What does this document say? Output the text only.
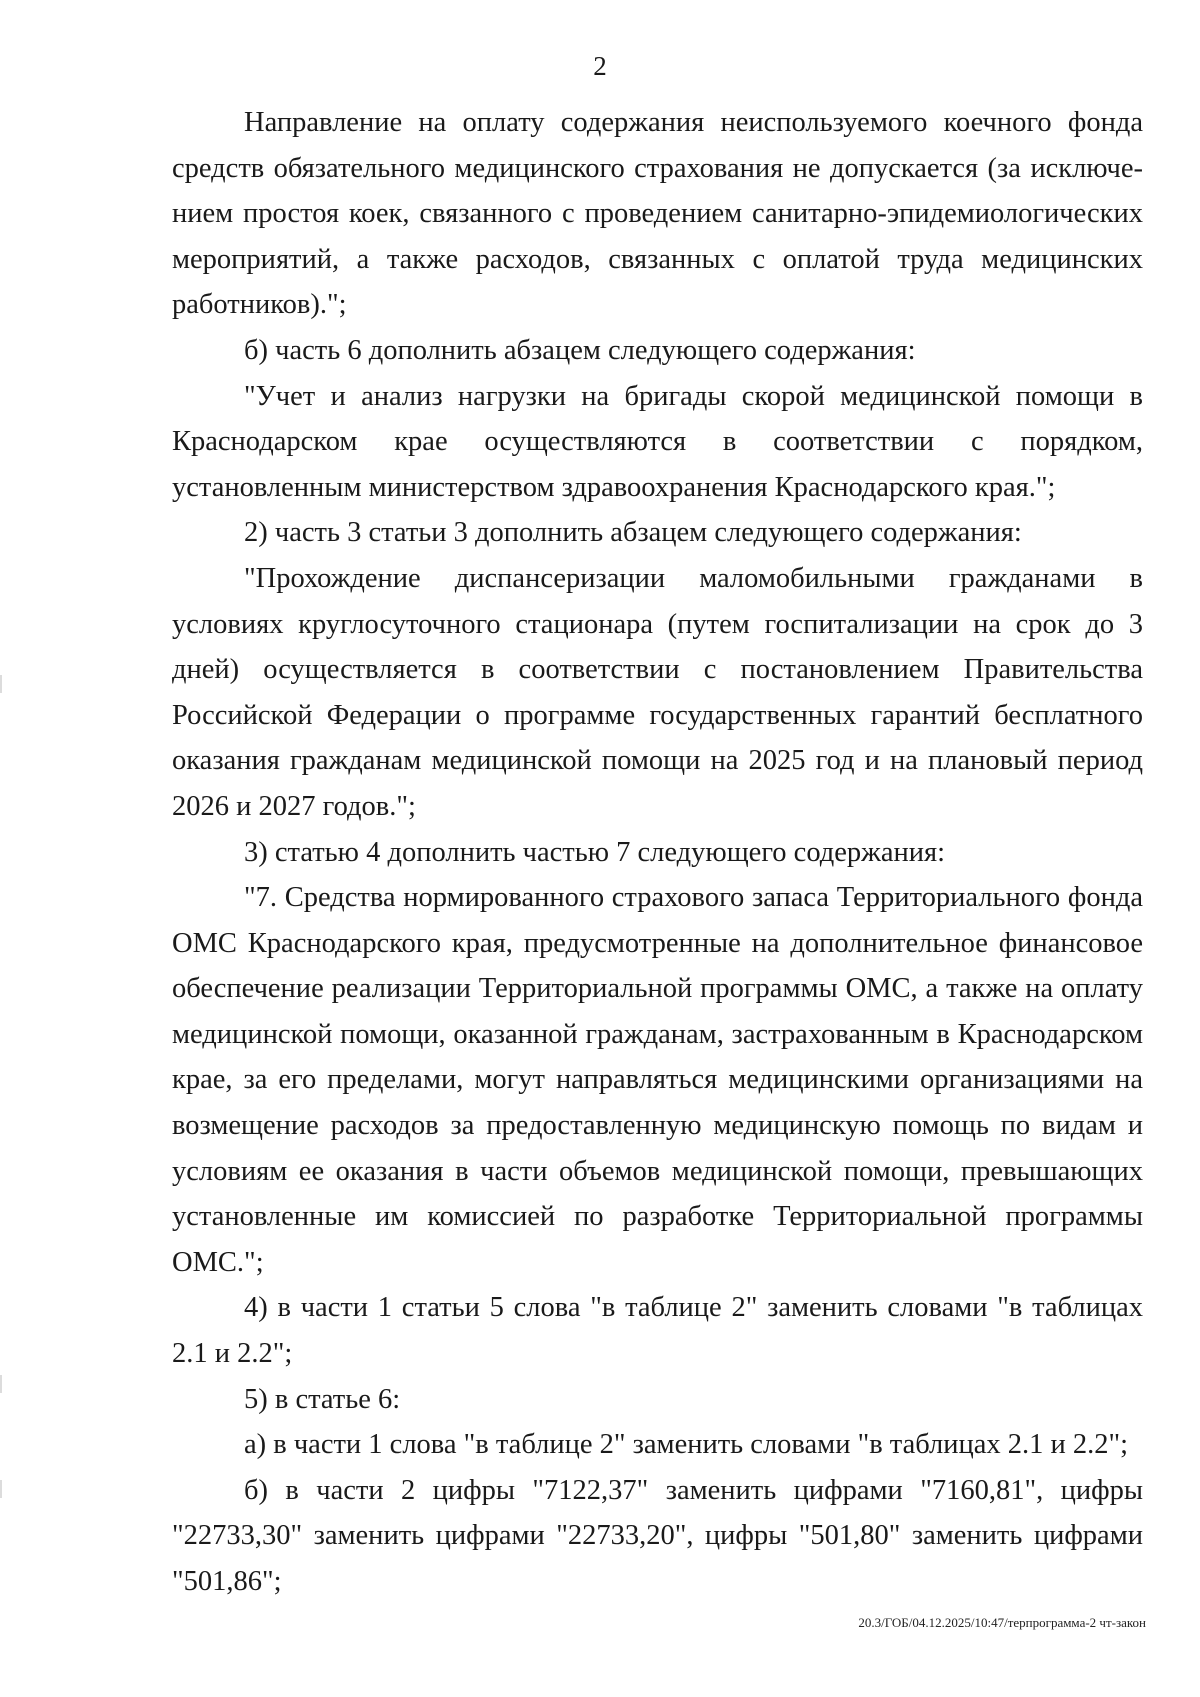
2

Направление на оплату содержания неиспользуемого коечного фонда средств обязательного медицинского страхования не допускается (за исключением простоя коек, связанного с проведением санитарно-эпидемиологических мероприятий, а также расходов, связанных с оплатой труда медицинских работников).";

б) часть 6 дополнить абзацем следующего содержания:

"Учет и анализ нагрузки на бригады скорой медицинской помощи в Краснодарском крае осуществляются в соответствии с порядком, установленным министерством здравоохранения Краснодарского края.";

2) часть 3 статьи 3 дополнить абзацем следующего содержания:

"Прохождение диспансеризации маломобильными гражданами в условиях круглосуточного стационара (путем госпитализации на срок до 3 дней) осуществляется в соответствии с постановлением Правительства Российской Федерации о программе государственных гарантий бесплатного оказания гражданам медицинской помощи на 2025 год и на плановый период 2026 и 2027 годов.";

3) статью 4 дополнить частью 7 следующего содержания:

"7. Средства нормированного страхового запаса Территориального фонда ОМС Краснодарского края, предусмотренные на дополнительное финансовое обеспечение реализации Территориальной программы ОМС, а также на оплату медицинской помощи, оказанной гражданам, застрахованным в Краснодарском крае, за его пределами, могут направляться медицинскими организациями на возмещение расходов за предоставленную медицинскую помощь по видам и условиям ее оказания в части объемов медицинской помощи, превышающих установленные им комиссией по разработке Территориальной программы ОМС.";

4) в части 1 статьи 5 слова "в таблице 2" заменить словами "в таблицах 2.1 и 2.2";

5) в статье 6:

а) в части 1 слова "в таблице 2" заменить словами "в таблицах 2.1 и 2.2";

б) в части 2 цифры "7122,37" заменить цифрами "7160,81", цифры "22733,30" заменить цифрами "22733,20", цифры "501,80" заменить цифрами "501,86";

20.3/ГОБ/04.12.2025/10:47/терпрограмма-2 чт-закон
